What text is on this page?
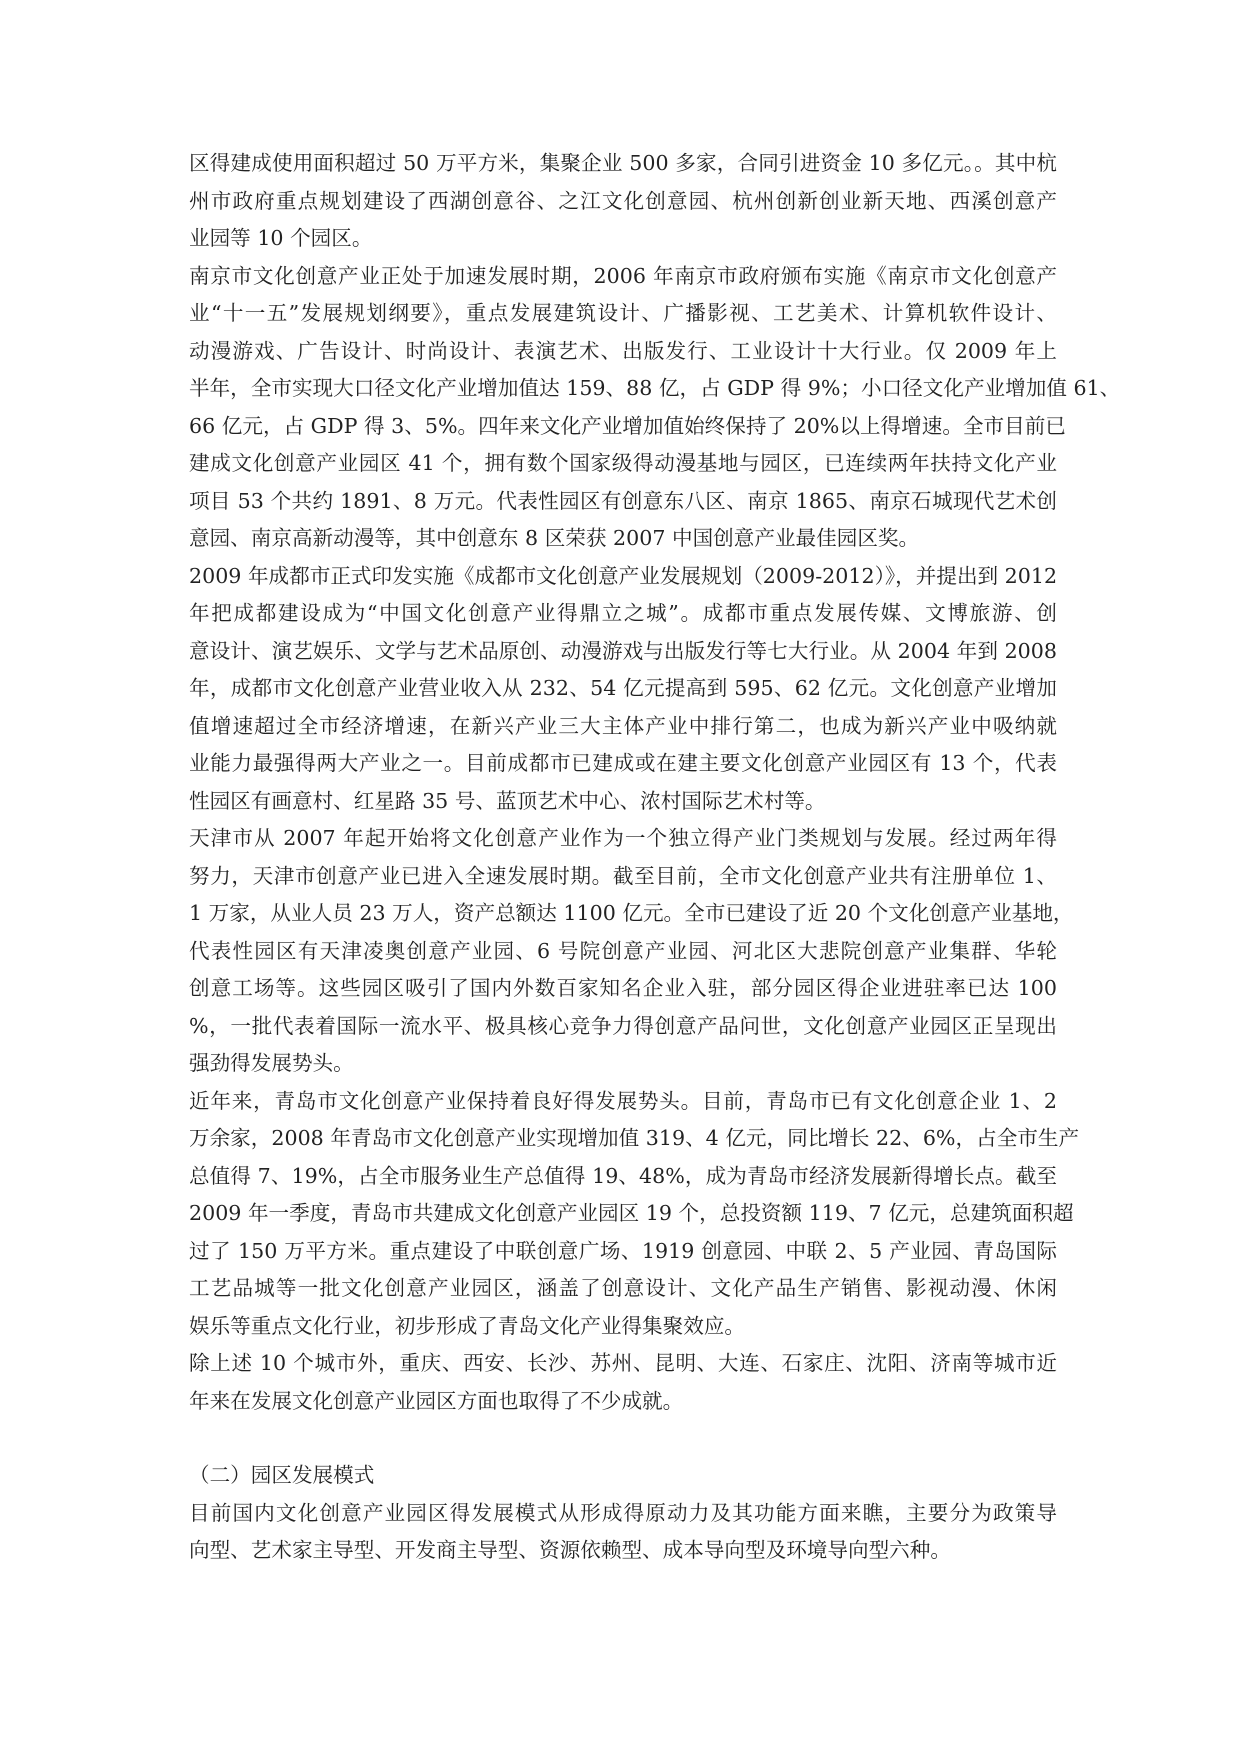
区得建成使用面积超过 50 万平方米，集聚企业 500 多家，合同引进资金 10 多亿元。。其中杭
州市政府重点规划建设了西湖创意谷、之江文化创意园、杭州创新创业新天地、西溪创意产
业园等 10 个园区。
南京市文化创意产业正处于加速发展时期，2006 年南京市政府颁布实施《南京市文化创意产
业“十一五”发展规划纲要》，重点发展建筑设计、广播影视、工艺美术、计算机软件设计、
动漫游戏、广告设计、时尚设计、表演艺术、出版发行、工业设计十大行业。仅 2009 年上
半年，全市实现大口径文化产业增加值达 159、88 亿，占 GDP 得 9%；小口径文化产业增加值 61、
66 亿元，占 GDP 得 3、5%。四年来文化产业增加值始终保持了 20%以上得增速。全市目前已
建成文化创意产业园区 41 个，拥有数个国家级得动漫基地与园区，已连续两年扶持文化产业
项目 53 个共约 1891、8 万元。代表性园区有创意东八区、南京 1865、南京石城现代艺术创
意园、南京高新动漫等，其中创意东 8 区荣获 2007 中国创意产业最佳园区奖。
2009 年成都市正式印发实施《成都市文化创意产业发展规划（2009-2012）》，并提出到 2012
年把成都建设成为“中国文化创意产业得鼎立之城”。成都市重点发展传媒、文博旅游、创
意设计、演艺娱乐、文学与艺术品原创、动漫游戏与出版发行等七大行业。从 2004 年到 2008
年，成都市文化创意产业营业收入从 232、54 亿元提高到 595、62 亿元。文化创意产业增加
值增速超过全市经济增速，在新兴产业三大主体产业中排行第二，也成为新兴产业中吸纳就
业能力最强得两大产业之一。目前成都市已建成或在建主要文化创意产业园区有 13 个，代表
性园区有画意村、红星路 35 号、蓝顶艺术中心、浓村国际艺术村等。
天津市从 2007 年起开始将文化创意产业作为一个独立得产业门类规划与发展。经过两年得
努力，天津市创意产业已进入全速发展时期。截至目前，全市文化创意产业共有注册单位 1、
1 万家，从业人员 23 万人，资产总额达 1100 亿元。全市已建设了近 20 个文化创意产业基地，
代表性园区有天津凌奥创意产业园、6 号院创意产业园、河北区大悲院创意产业集群、华轮
创意工场等。这些园区吸引了国内外数百家知名企业入驻，部分园区得企业进驻率已达 100
%，一批代表着国际一流水平、极具核心竞争力得创意产品问世，文化创意产业园区正呈现出
强劲得发展势头。
近年来，青岛市文化创意产业保持着良好得发展势头。目前，青岛市已有文化创意企业 1、2
万余家，2008 年青岛市文化创意产业实现增加值 319、4 亿元，同比增长 22、6%，占全市生产
总值得 7、19%，占全市服务业生产总值得 19、48%，成为青岛市经济发展新得增长点。截至
2009 年一季度，青岛市共建成文化创意产业园区 19 个，总投资额 119、7 亿元，总建筑面积超
过了 150 万平方米。重点建设了中联创意广场、1919 创意园、中联 2、5 产业园、青岛国际
工艺品城等一批文化创意产业园区，涵盖了创意设计、文化产品生产销售、影视动漫、休闲
娱乐等重点文化行业，初步形成了青岛文化产业得集聚效应。
除上述 10 个城市外，重庆、西安、长沙、苏州、昆明、大连、石家庄、沈阳、济南等城市近
年来在发展文化创意产业园区方面也取得了不少成就。
（二）园区发展模式
目前国内文化创意产业园区得发展模式从形成得原动力及其功能方面来瞧，主要分为政策导
向型、艺术家主导型、开发商主导型、资源依赖型、成本导向型及环境导向型六种。
